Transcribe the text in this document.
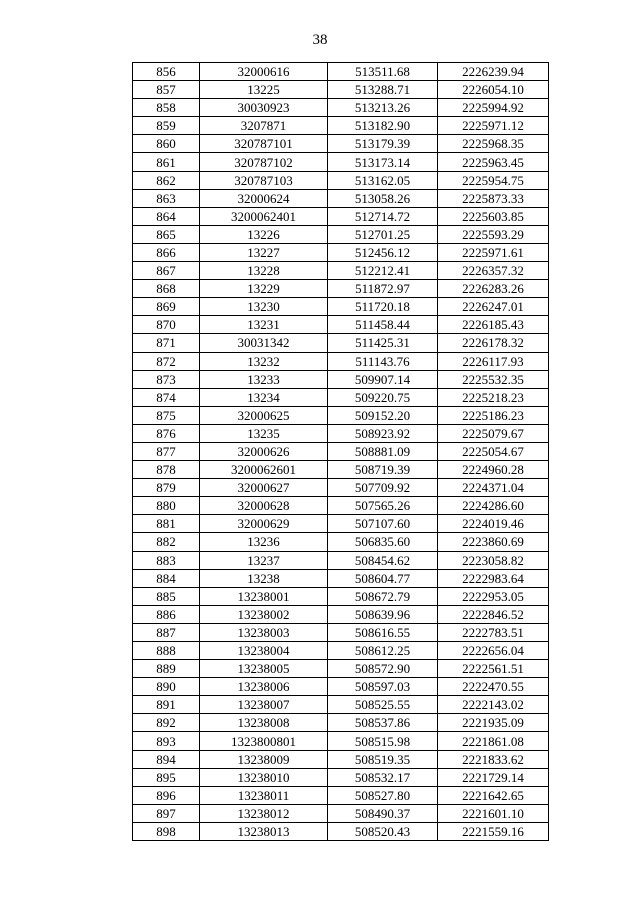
38
856	32000616	513511.68	2226239.94
857	13225	513288.71	2226054.10
858	30030923	513213.26	2225994.92
859	3207871	513182.90	2225971.12
860	320787101	513179.39	2225968.35
861	320787102	513173.14	2225963.45
862	320787103	513162.05	2225954.75
863	32000624	513058.26	2225873.33
864	3200062401	512714.72	2225603.85
865	13226	512701.25	2225593.29
866	13227	512456.12	2225971.61
867	13228	512212.41	2226357.32
868	13229	511872.97	2226283.26
869	13230	511720.18	2226247.01
870	13231	511458.44	2226185.43
871	30031342	511425.31	2226178.32
872	13232	511143.76	2226117.93
873	13233	509907.14	2225532.35
874	13234	509220.75	2225218.23
875	32000625	509152.20	2225186.23
876	13235	508923.92	2225079.67
877	32000626	508881.09	2225054.67
878	3200062601	508719.39	2224960.28
879	32000627	507709.92	2224371.04
880	32000628	507565.26	2224286.60
881	32000629	507107.60	2224019.46
882	13236	506835.60	2223860.69
883	13237	508454.62	2223058.82
884	13238	508604.77	2222983.64
885	13238001	508672.79	2222953.05
886	13238002	508639.96	2222846.52
887	13238003	508616.55	2222783.51
888	13238004	508612.25	2222656.04
889	13238005	508572.90	2222561.51
890	13238006	508597.03	2222470.55
891	13238007	508525.55	2222143.02
892	13238008	508537.86	2221935.09
893	1323800801	508515.98	2221861.08
894	13238009	508519.35	2221833.62
895	13238010	508532.17	2221729.14
896	13238011	508527.80	2221642.65
897	13238012	508490.37	2221601.10
898	13238013	508520.43	2221559.16
